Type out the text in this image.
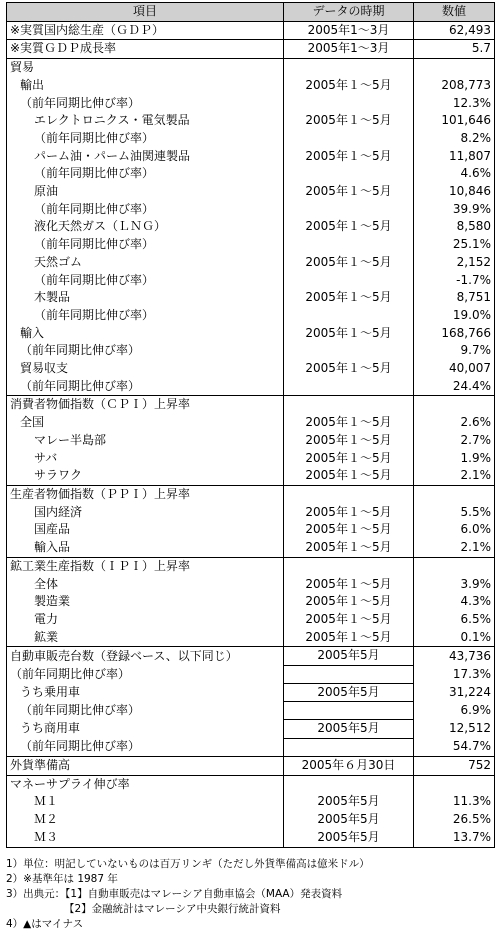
項目	データの時期	数値
※実質国内総生産（ＧＤＰ）	2005年1～3月	62,493
※実質ＧＤＰ成長率	2005年1～3月	5.7
貿易		
輸出	2005年１～5月	208,773
（前年同期比伸び率）		12.3%
エレクトロニクス・電気製品	2005年１～5月	101,646
（前年同期比伸び率）		8.2%
パーム油・パーム油関連製品	2005年１～5月	11,807
（前年同期比伸び率）		4.6%
原油	2005年１～5月	10,846
（前年同期比伸び率）		39.9%
液化天然ガス（ＬＮＧ）	2005年１～5月	8,580
（前年同期比伸び率）		25.1%
天然ゴム	2005年１～5月	2,152
（前年同期比伸び率）		-1.7%
木製品	2005年１～5月	8,751
（前年同期比伸び率）		19.0%
輸入	2005年１～5月	168,766
（前年同期比伸び率）		9.7%
貿易収支	2005年１～5月	40,007
（前年同期比伸び率）		24.4%
消費者物価指数（ＣＰＩ）上昇率		
全国	2005年１～5月	2.6%
マレー半島部	2005年１～5月	2.7%
サバ	2005年１～5月	1.9%
サラワク	2005年１～5月	2.1%
生産者物価指数（ＰＰＩ）上昇率		
国内経済	2005年１～5月	5.5%
国産品	2005年１～5月	6.0%
輸入品	2005年１～5月	2.1%
鉱工業生産指数（ＩＰＩ）上昇率		
全体	2005年１～5月	3.9%
製造業	2005年１～5月	4.3%
電力	2005年１～5月	6.5%
鉱業	2005年１～5月	0.1%
自動車販売台数（登録ベース、以下同じ）	2005年5月	43,736
（前年同期比伸び率）		17.3%
うち乗用車	2005年5月	31,224
（前年同期比伸び率）		6.9%
うち商用車	2005年5月	12,512
（前年同期比伸び率）		54.7%
外貨準備高	2005年６月30日	752
マネーサプライ伸び率		
Ｍ１	2005年5月	11.3%
Ｍ２	2005年5月	26.5%
Ｍ３	2005年5月	13.7%
1）単位：明記していないものは百万リンギ（ただし外貨準備高は億米ドル）
2）※基準年は 1987 年
3）出典元：【1】自動車販売はマレーシア自動車協会（MAA）発表資料
【2】金融統計はマレーシア中央銀行統計資料
4）▲はマイナス
